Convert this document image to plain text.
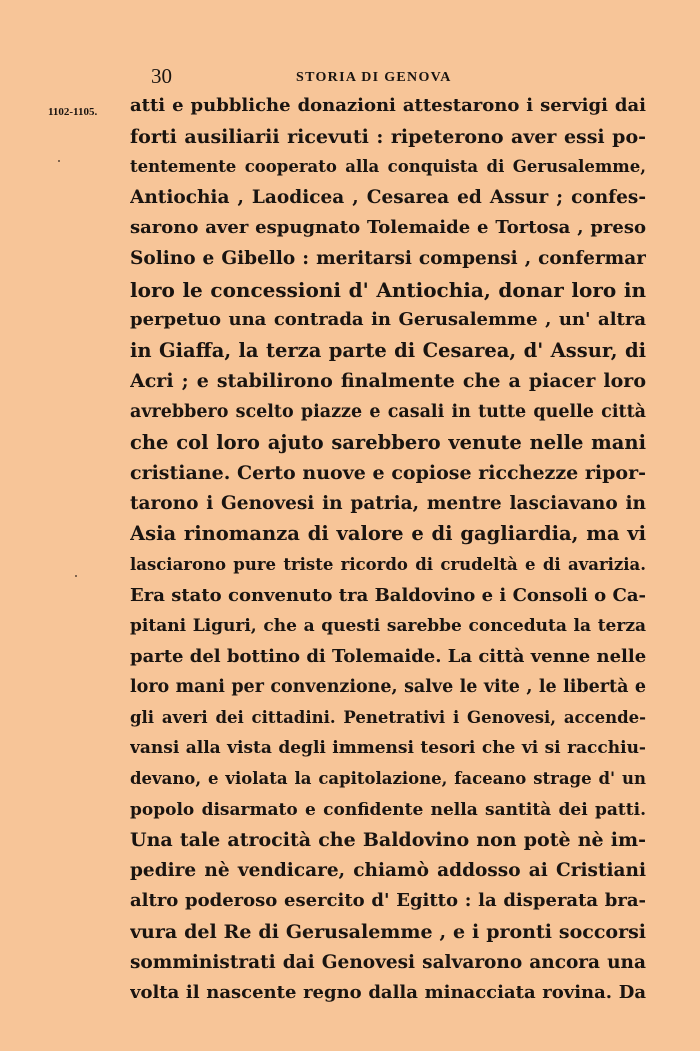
30	STORIA DI GENOVA
1102-1105. atti e pubbliche donazioni attestarono i servigi dai
forti ausiliarii ricevuti : ripeterono aver essi po-
tentemente cooperato alla conquista di Gerusalemme,
Antiochia , Laodicea , Cesarea ed Assur ; confes-
sarono aver espugnato Tolemaide e Tortosa , preso
Solino e Gibello : meritarsi compensi , confermar
loro le concessioni d' Antiochia, donar loro in
perpetuo una contrada in Gerusalemme , un' altra
in Giaffa, la terza parte di Cesarea, d' Assur, di
Acri ; e stabilirono finalmente che a piacer loro
avrebbero scelto piazze e casali in tutte quelle città
che col loro ajuto sarebbero venute nelle mani
cristiane. Certo nuove e copiose ricchezze ripor-
tarono i Genovesi in patria, mentre lasciavano in
Asia rinomanza di valore e di gagliardia, ma vi
lasciarono pure triste ricordo di crudeltà e di avarizia.
Era stato convenuto tra Baldovino e i Consoli o Ca-
pitani Liguri, che a questi sarebbe conceduta la terza
parte del bottino di Tolemaide. La città venne nelle
loro mani per convenzione, salve le vite , le libertà e
gli averi dei cittadini. Penetrativi i Genovesi, accende-
vansi alla vista degli immensi tesori che vi si racchiu-
devano, e violata la capitolazione, faceano strage d' un
popolo disarmato e confidente nella santità dei patti.
Una tale atrocità che Baldovino non potè nè im-
pedire nè vendicare, chiamò addosso ai Cristiani
altro poderoso esercito d' Egitto : la disperata bra-
vura del Re di Gerusalemme , e i pronti soccorsi
somministrati dai Genovesi salvarono ancora una
volta il nascente regno dalla minacciata rovina. Da
